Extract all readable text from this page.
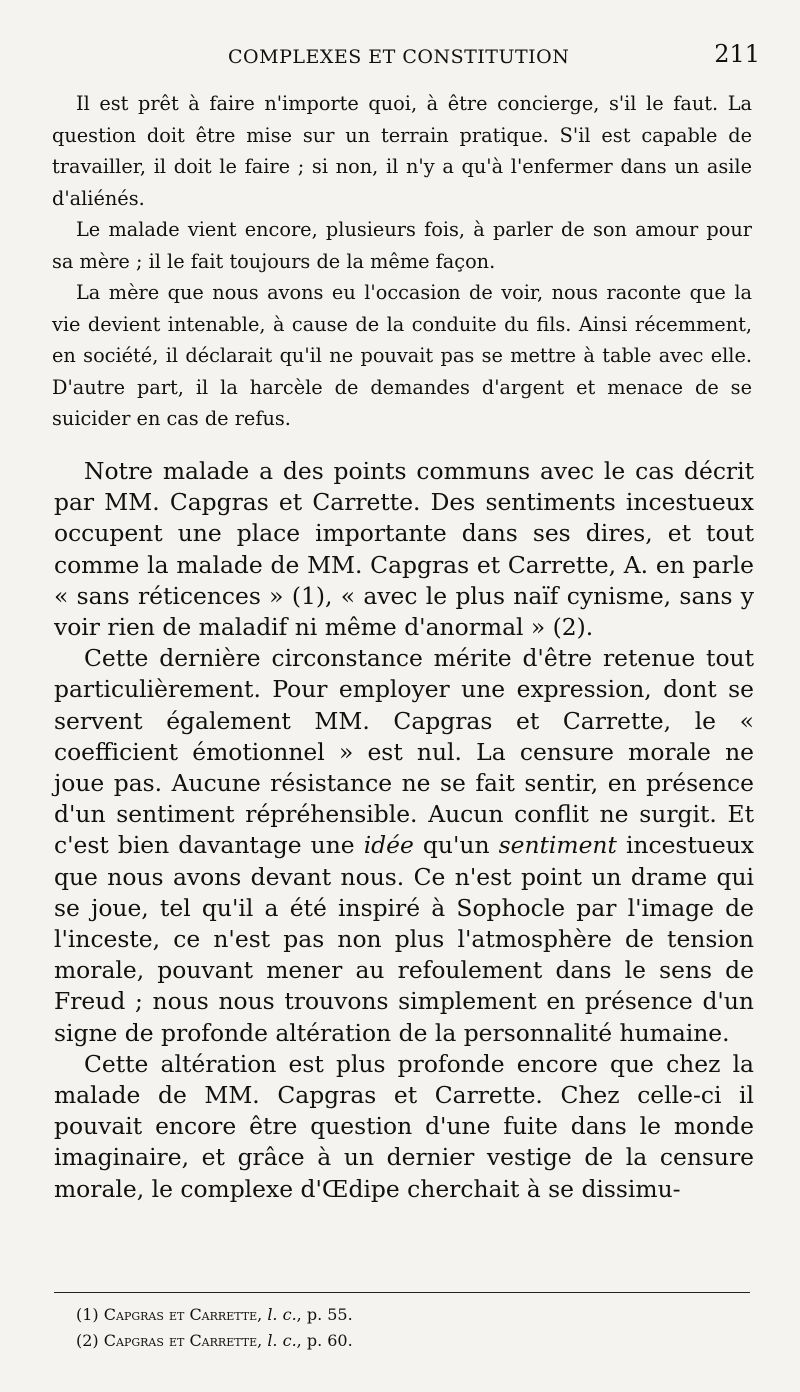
COMPLEXES ET CONSTITUTION	211

Il est prêt à faire n'importe quoi, à être concierge, s'il le faut. La question doit être mise sur un terrain pratique. S'il est capable de travailler, il doit le faire ; si non, il n'y a qu'à l'enfermer dans un asile d'aliénés.

Le malade vient encore, plusieurs fois, à parler de son amour pour sa mère ; il le fait toujours de la même façon.

La mère que nous avons eu l'occasion de voir, nous raconte que la vie devient intenable, à cause de la conduite du fils. Ainsi récemment, en société, il déclarait qu'il ne pouvait pas se mettre à table avec elle. D'autre part, il la harcèle de demandes d'argent et menace de se suicider en cas de refus.

Notre malade a des points communs avec le cas décrit par MM. Capgras et Carrette. Des sentiments incestueux occupent une place importante dans ses dires, et tout comme la malade de MM. Capgras et Carrette, A. en parle « sans réticences » (1), « avec le plus naïf cynisme, sans y voir rien de maladif ni même d'anormal » (2).

Cette dernière circonstance mérite d'être retenue tout particulièrement. Pour employer une expression, dont se servent également MM. Capgras et Carrette, le « coefficient émotionnel » est nul. La censure morale ne joue pas. Aucune résistance ne se fait sentir, en présence d'un sentiment répréhensible. Aucun conflit ne surgit. Et c'est bien davantage une idée qu'un sentiment incestueux que nous avons devant nous. Ce n'est point un drame qui se joue, tel qu'il a été inspiré à Sophocle par l'image de l'inceste, ce n'est pas non plus l'atmosphère de tension morale, pouvant mener au refoulement dans le sens de Freud ; nous nous trouvons simplement en présence d'un signe de profonde altération de la personnalité humaine.

Cette altération est plus profonde encore que chez la malade de MM. Capgras et Carrette. Chez celle-ci il pouvait encore être question d'une fuite dans le monde imaginaire, et grâce à un dernier vestige de la censure morale, le complexe d'Œdipe cherchait à se dissimu-

(1) Capgras et Carrette, l. c., p. 55.
(2) Capgras et Carrette, l. c., p. 60.
